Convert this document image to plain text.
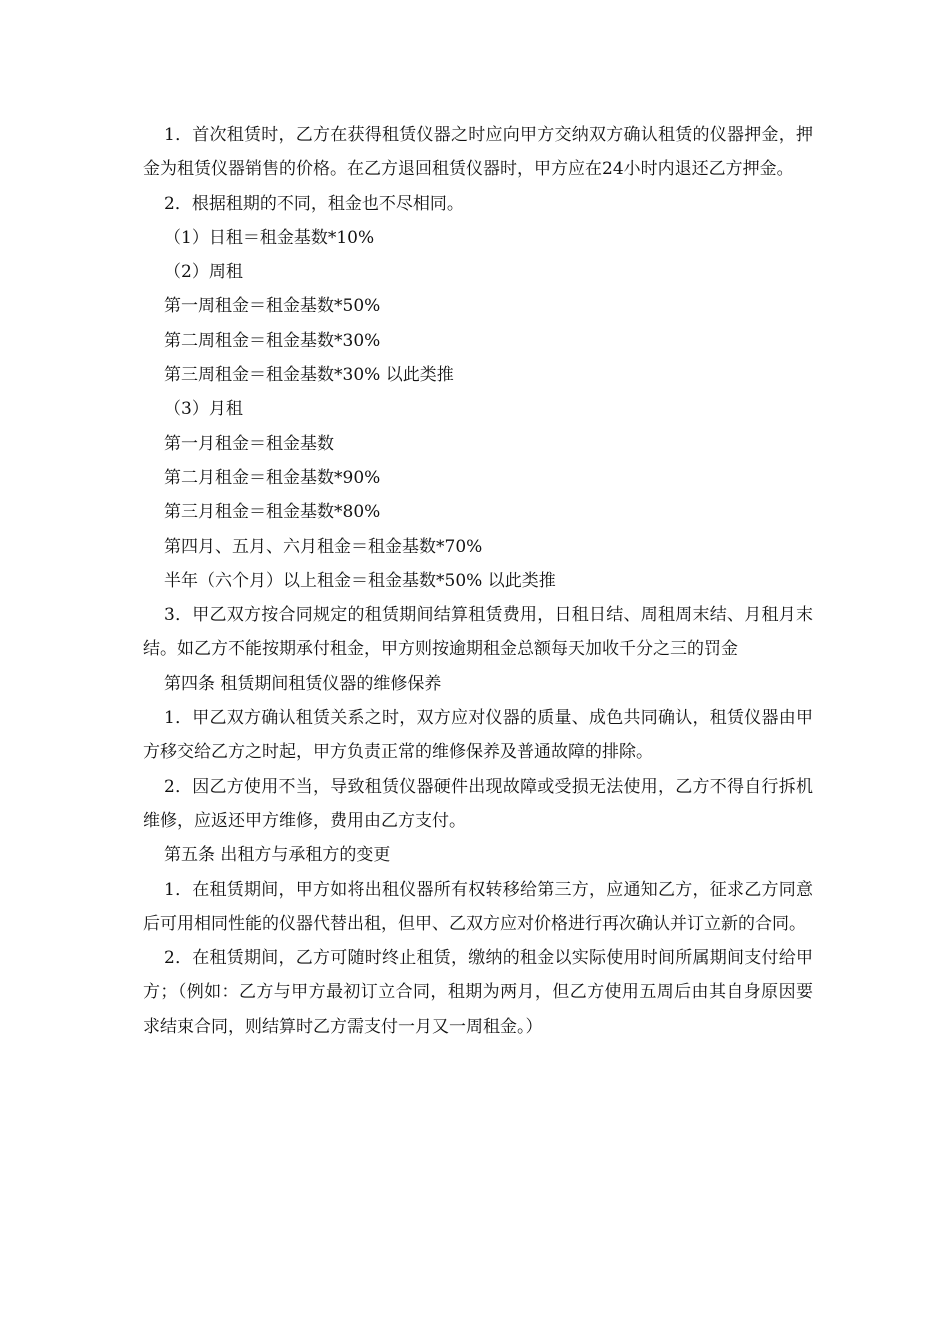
1．首次租赁时，乙方在获得租赁仪器之时应向甲方交纳双方确认租赁的仪器押金，押金为租赁仪器销售的价格。在乙方退回租赁仪器时，甲方应在24小时内退还乙方押金。

2．根据租期的不同，租金也不尽相同。

（1）日租＝租金基数*10%

（2）周租

第一周租金＝租金基数*50%

第二周租金＝租金基数*30%

第三周租金＝租金基数*30% 以此类推

（3）月租

第一月租金＝租金基数

第二月租金＝租金基数*90%

第三月租金＝租金基数*80%

第四月、五月、六月租金＝租金基数*70%

半年（六个月）以上租金＝租金基数*50% 以此类推

3．甲乙双方按合同规定的租赁期间结算租赁费用，日租日结、周租周末结、月租月末结。如乙方不能按期承付租金，甲方则按逾期租金总额每天加收千分之三的罚金

第四条 租赁期间租赁仪器的维修保养

1．甲乙双方确认租赁关系之时，双方应对仪器的质量、成色共同确认，租赁仪器由甲方移交给乙方之时起，甲方负责正常的维修保养及普通故障的排除。

2．因乙方使用不当，导致租赁仪器硬件出现故障或受损无法使用，乙方不得自行拆机维修，应返还甲方维修，费用由乙方支付。

第五条 出租方与承租方的变更

1．在租赁期间，甲方如将出租仪器所有权转移给第三方，应通知乙方，征求乙方同意后可用相同性能的仪器代替出租，但甲、乙双方应对价格进行再次确认并订立新的合同。

2．在租赁期间，乙方可随时终止租赁，缴纳的租金以实际使用时间所属期间支付给甲方；（例如：乙方与甲方最初订立合同，租期为两月，但乙方使用五周后由其自身原因要求结束合同，则结算时乙方需支付一月又一周租金。）
